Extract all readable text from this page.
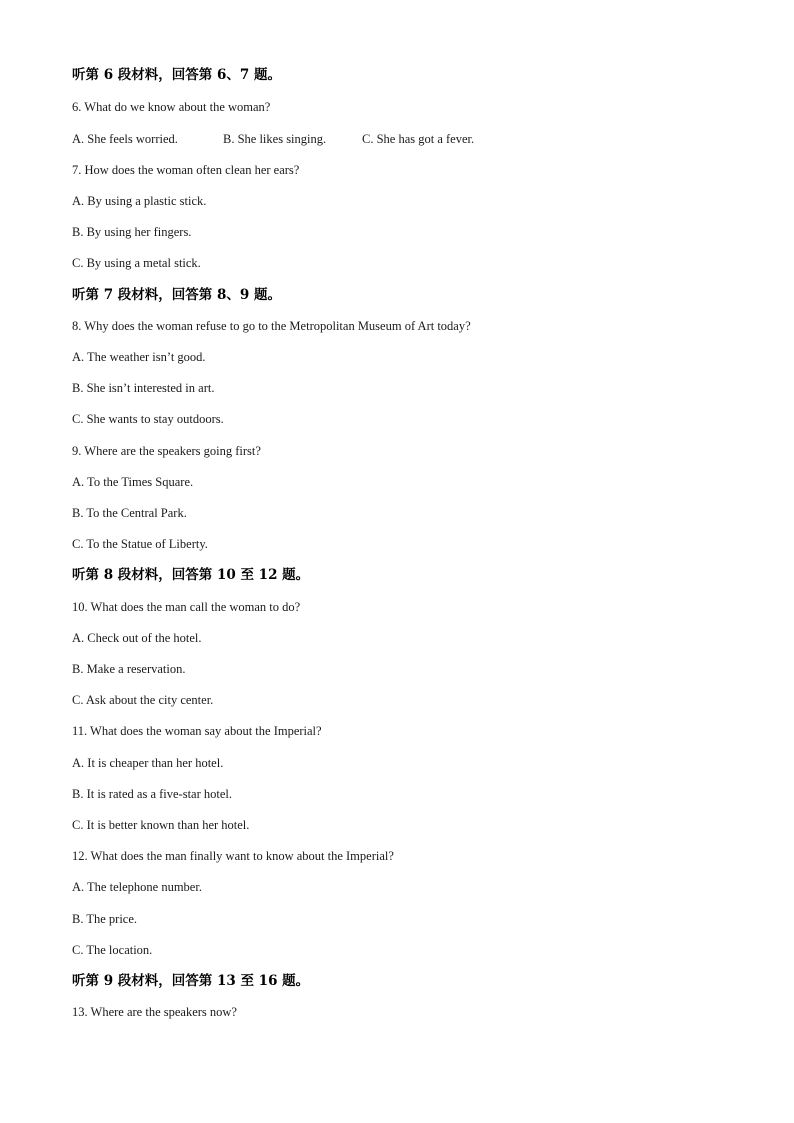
听第 6 段材料，回答第 6、7 题。
6. What do we know about the woman?
A. She feels worried.	B. She likes singing.	C. She has got a fever.
7. How does the woman often clean her ears?
A. By using a plastic stick.
B. By using her fingers.
C. By using a metal stick.
听第 7 段材料，回答第 8、9 题。
8. Why does the woman refuse to go to the Metropolitan Museum of Art today?
A. The weather isn’t good.
B. She isn’t interested in art.
C. She wants to stay outdoors.
9. Where are the speakers going first?
A. To the Times Square.
B. To the Central Park.
C. To the Statue of Liberty.
听第 8 段材料，回答第 10 至 12 题。
10. What does the man call the woman to do?
A. Check out of the hotel.
B. Make a reservation.
C. Ask about the city center.
11. What does the woman say about the Imperial?
A. It is cheaper than her hotel.
B. It is rated as a five-star hotel.
C. It is better known than her hotel.
12. What does the man finally want to know about the Imperial?
A. The telephone number.
B. The price.
C. The location.
听第 9 段材料，回答第 13 至 16 题。
13. Where are the speakers now?
